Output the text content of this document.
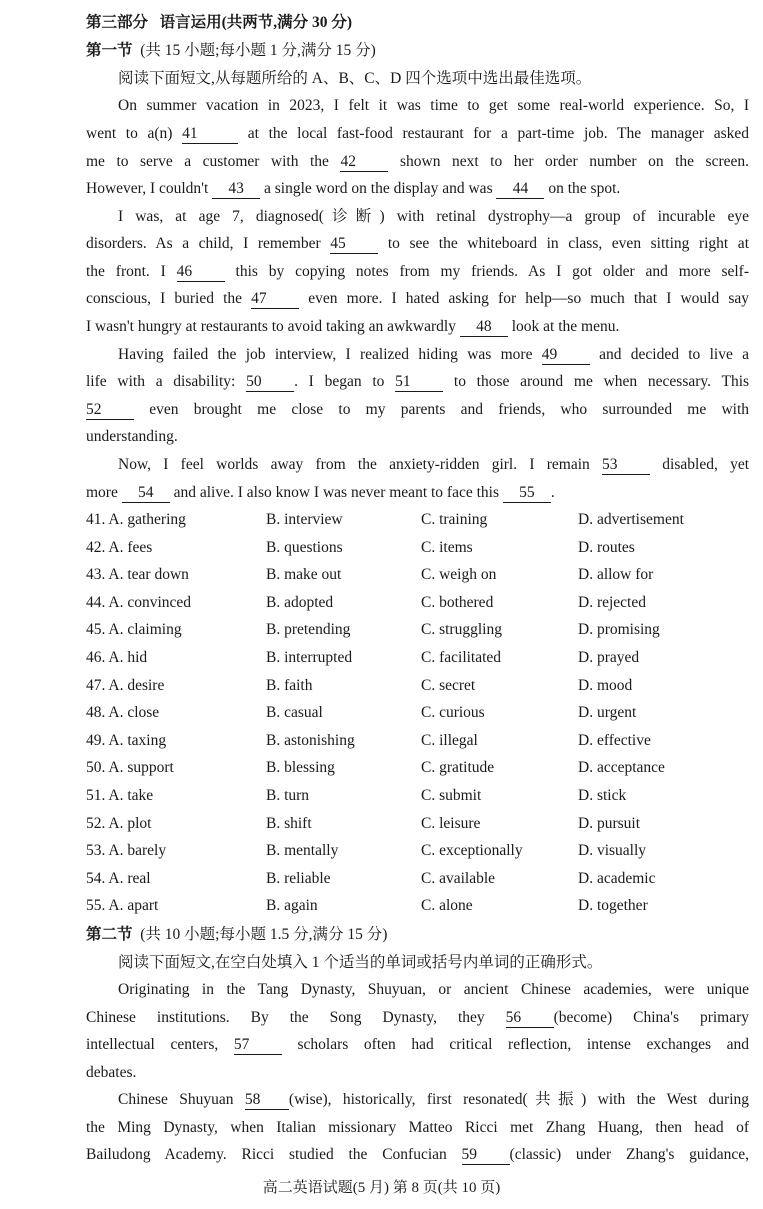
第三部分 语言运用(共两节,满分 30 分)
第一节 (共 15 小题;每小题 1 分,满分 15 分)
阅读下面短文,从每题所给的 A、B、C、D 四个选项中选出最佳选项。
On summer vacation in 2023, I felt it was time to get some real-world experience. So, I
went to a(n) 41	at the local fast-food restaurant for a part-time job. The manager asked
me to serve a customer with the 42	shown next to her order number on the screen.
However, I couldn't 43 a single word on the display and was 44 on the spot.
I was, at age 7, diagnosed(诊断) with retinal dystrophy—a group of incurable eye
disorders. As a child, I remember 45	to see the whiteboard in class, even sitting right at
the front. I 46	this by copying notes from my friends. As I got older and more self-
conscious, I buried the 47	even more. I hated asking for help—so much that I would say
I wasn't hungry at restaurants to avoid taking an awkwardly 48 look at the menu.
Having failed the job interview, I realized hiding was more 49	and decided to live a
life with a disability: 50 . I began to 51	to those around me when necessary. This
52	even brought me close to my parents and friends, who surrounded me with
understanding.
Now, I feel worlds away from the anxiety-ridden girl. I remain 53	disabled, yet
more 54 and alive. I also know I was never meant to face this 55 .
41. A. gathering	B. interview	C. training	D. advertisement
42. A. fees	B. questions	C. items	D. routes
43. A. tear down	B. make out	C. weigh on	D. allow for
44. A. convinced	B. adopted	C. bothered	D. rejected
45. A. claiming	B. pretending	C. struggling	D. promising
46. A. hid	B. interrupted	C. facilitated	D. prayed
47. A. desire	B. faith	C. secret	D. mood
48. A. close	B. casual	C. curious	D. urgent
49. A. taxing	B. astonishing	C. illegal	D. effective
50. A. support	B. blessing	C. gratitude	D. acceptance
51. A. take	B. turn	C. submit	D. stick
52. A. plot	B. shift	C. leisure	D. pursuit
53. A. barely	B. mentally	C. exceptionally	D. visually
54. A. real	B. reliable	C. available	D. academic
55. A. apart	B. again	C. alone	D. together
第二节 (共 10 小题;每小题 1.5 分,满分 15 分)
阅读下面短文,在空白处填入 1 个适当的单词或括号内单词的正确形式。
Originating in the Tang Dynasty, Shuyuan, or ancient Chinese academies, were unique
Chinese institutions. By the Song Dynasty, they 56 (become) China's primary
intellectual centers, 57	scholars often had critical reflection, intense exchanges and
debates.
Chinese Shuyuan 58 (wise), historically, first resonated(共振) with the West during
the Ming Dynasty, when Italian missionary Matteo Ricci met Zhang Huang, then head of
Bailudong Academy. Ricci studied the Confucian 59 (classic) under Zhang's guidance,
高二英语试题(5 月) 第 8 页(共 10 页)
